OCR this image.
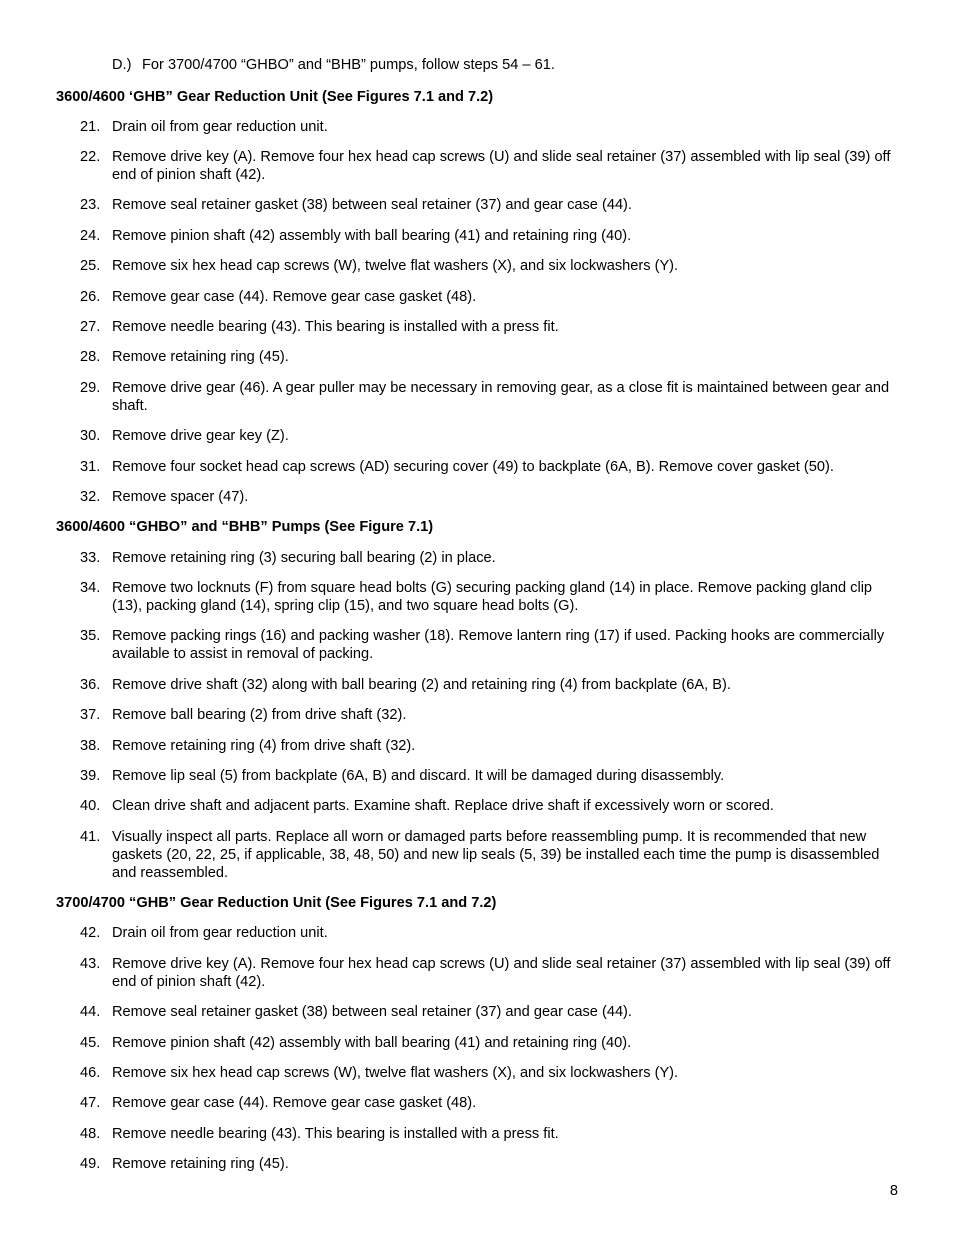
D.) For 3700/4700 “GHBO” and “BHB” pumps, follow steps 54 – 61.
3600/4600 ‘GHB” Gear Reduction Unit (See Figures 7.1 and 7.2)
21. Drain oil from gear reduction unit.
22. Remove drive key (A). Remove four hex head cap screws (U) and slide seal retainer (37) assembled with lip seal (39) off end of pinion shaft (42).
23. Remove seal retainer gasket (38) between seal retainer (37) and gear case (44).
24. Remove pinion shaft (42) assembly with ball bearing (41) and retaining ring (40).
25. Remove six hex head cap screws (W), twelve flat washers (X), and six lockwashers (Y).
26. Remove gear case (44). Remove gear case gasket (48).
27. Remove needle bearing (43). This bearing is installed with a press fit.
28. Remove retaining ring (45).
29. Remove drive gear (46). A gear puller may be necessary in removing gear, as a close fit is maintained between gear and shaft.
30. Remove drive gear key (Z).
31. Remove four socket head cap screws (AD) securing cover (49) to backplate (6A, B). Remove cover gasket (50).
32. Remove spacer (47).
3600/4600 “GHBO” and “BHB” Pumps (See Figure 7.1)
33. Remove retaining ring (3) securing ball bearing (2) in place.
34. Remove two locknuts (F) from square head bolts (G) securing packing gland (14) in place. Remove packing gland clip (13), packing gland (14), spring clip (15), and two square head bolts (G).
35. Remove packing rings (16) and packing washer (18). Remove lantern ring (17) if used. Packing hooks are commercially available to assist in removal of packing.
36. Remove drive shaft (32) along with ball bearing (2) and retaining ring (4) from backplate (6A, B).
37. Remove ball bearing (2) from drive shaft (32).
38. Remove retaining ring (4) from drive shaft (32).
39. Remove lip seal (5) from backplate (6A, B) and discard. It will be damaged during disassembly.
40. Clean drive shaft and adjacent parts. Examine shaft. Replace drive shaft if excessively worn or scored.
41. Visually inspect all parts. Replace all worn or damaged parts before reassembling pump. It is recommended that new gaskets (20, 22, 25, if applicable, 38, 48, 50) and new lip seals (5, 39) be installed each time the pump is disassembled and reassembled.
3700/4700 “GHB” Gear Reduction Unit (See Figures 7.1 and 7.2)
42. Drain oil from gear reduction unit.
43. Remove drive key (A). Remove four hex head cap screws (U) and slide seal retainer (37) assembled with lip seal (39) off end of pinion shaft (42).
44. Remove seal retainer gasket (38) between seal retainer (37) and gear case (44).
45. Remove pinion shaft (42) assembly with ball bearing (41) and retaining ring (40).
46. Remove six hex head cap screws (W), twelve flat washers (X), and six lockwashers (Y).
47. Remove gear case (44). Remove gear case gasket (48).
48. Remove needle bearing (43). This bearing is installed with a press fit.
49. Remove retaining ring (45).
8
